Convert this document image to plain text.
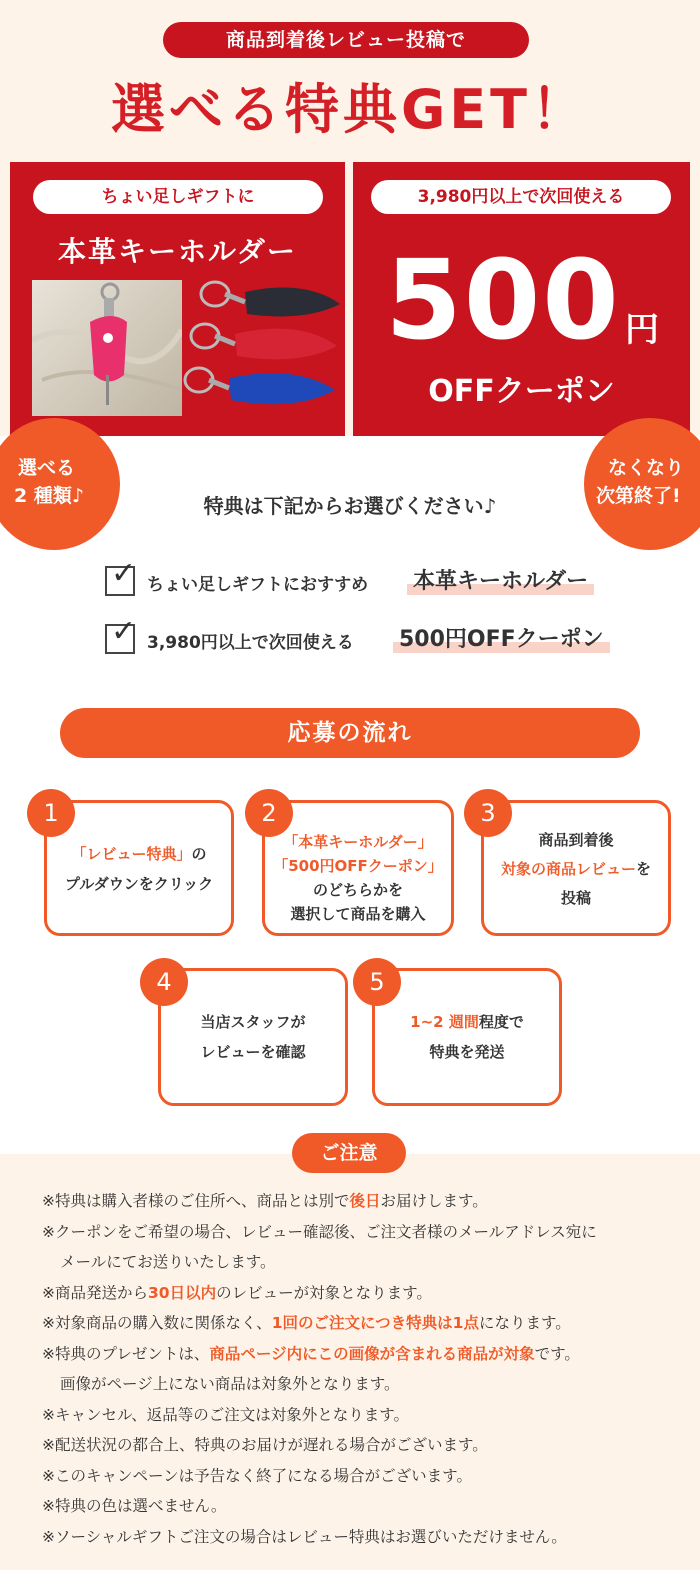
商品到着後レビュー投稿で
選べる特典GET！
ちょい足しギフトに
本革キーホルダー
3,980円以上で次回使える
500 円
OFFクーポン
選べる
2 種類♪
なくなり
次第終了!
特典は下記からお選びください♪
✓ ちょい足しギフトにおすすめ 本革キーホルダー
✓ 3,980円以上で次回使える 500円OFFクーポン
応募の流れ
「レビュー特典」の
プルダウンをクリック
1
「本革キーホルダー」
「500円OFFクーポン」
のどちらかを
選択して商品を購入
2
商品到着後
対象の商品レビューを
投稿
3
当店スタッフが
レビューを確認
4
1~2 週間程度で
特典を発送
5
ご注意
※特典は購入者様のご住所へ、商品とは別で後日お届けします。
※クーポンをご希望の場合、レビュー確認後、ご注文者様のメールアドレス宛に
メールにてお送りいたします。
※商品発送から30日以内のレビューが対象となります。
※対象商品の購入数に関係なく、1回のご注文につき特典は1点になります。
※特典のプレゼントは、商品ページ内にこの画像が含まれる商品が対象です。
画像がページ上にない商品は対象外となります。
※キャンセル、返品等のご注文は対象外となります。
※配送状況の都合上、特典のお届けが遅れる場合がございます。
※このキャンペーンは予告なく終了になる場合がございます。
※特典の色は選べません。
※ソーシャルギフトご注文の場合はレビュー特典はお選びいただけません。
